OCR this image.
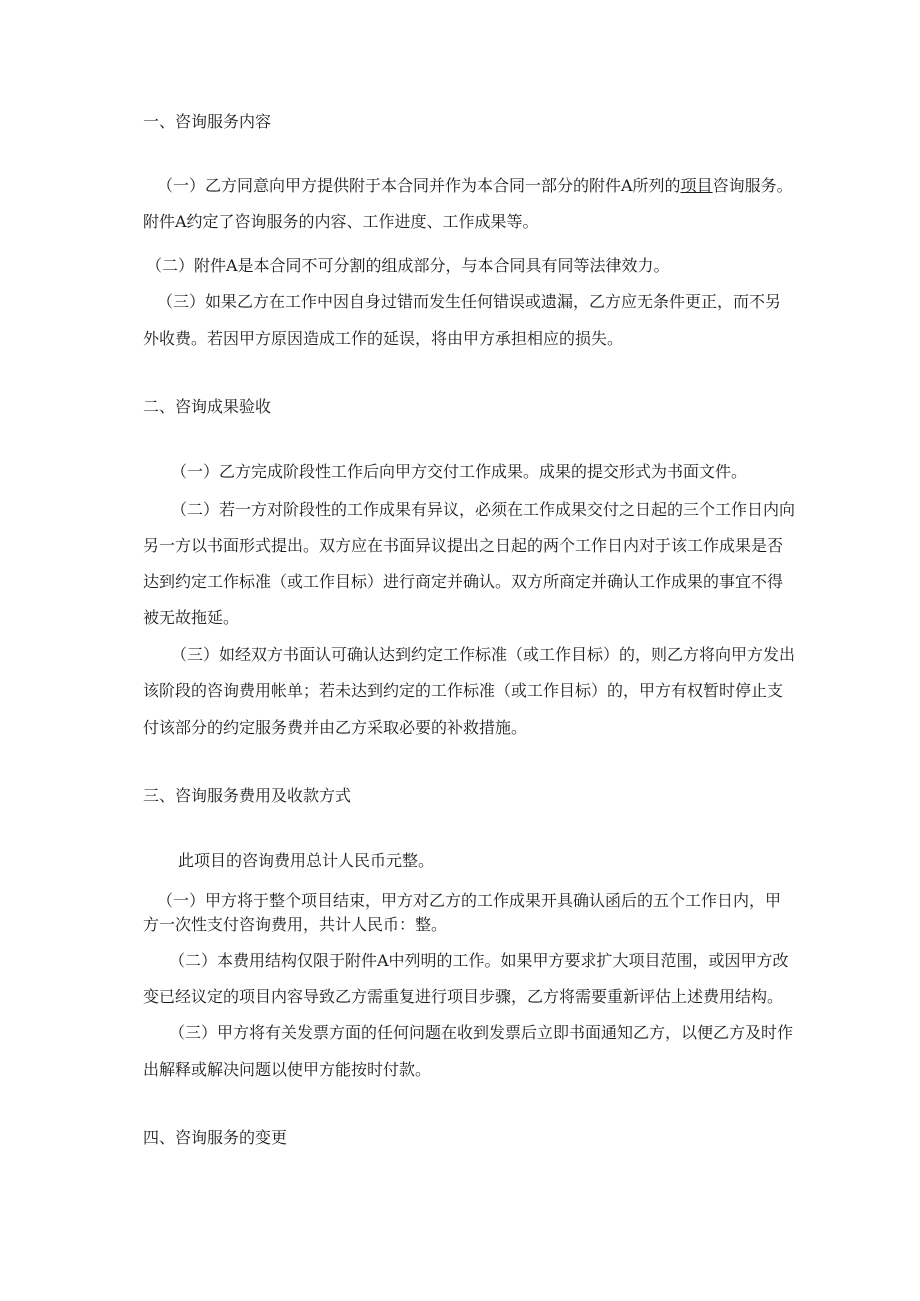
一、咨询服务内容
（一）乙方同意向甲方提供附于本合同并作为本合同一部分的附件A所列的项目咨询服务。
附件A约定了咨询服务的内容、工作进度、工作成果等。
（二）附件A是本合同不可分割的组成部分，与本合同具有同等法律效力。
（三）如果乙方在工作中因自身过错而发生任何错误或遗漏，乙方应无条件更正，而不另
外收费。若因甲方原因造成工作的延误，将由甲方承担相应的损失。
二、咨询成果验收
（一）乙方完成阶段性工作后向甲方交付工作成果。成果的提交形式为书面文件。
（二）若一方对阶段性的工作成果有异议，必须在工作成果交付之日起的三个工作日内向
另一方以书面形式提出。双方应在书面异议提出之日起的两个工作日内对于该工作成果是否
达到约定工作标准（或工作目标）进行商定并确认。双方所商定并确认工作成果的事宜不得
被无故拖延。
（三）如经双方书面认可确认达到约定工作标准（或工作目标）的，则乙方将向甲方发出
该阶段的咨询费用帐单；若未达到约定的工作标准（或工作目标）的，甲方有权暂时停止支
付该部分的约定服务费并由乙方采取必要的补救措施。
三、咨询服务费用及收款方式
此项目的咨询费用总计人民币元整。
（一）甲方将于整个项目结束，甲方对乙方的工作成果开具确认函后的五个工作日内，甲
方一次性支付咨询费用，共计人民币：整。
（二）本费用结构仅限于附件A中列明的工作。如果甲方要求扩大项目范围，或因甲方改
变已经议定的项目内容导致乙方需重复进行项目步骤，乙方将需要重新评估上述费用结构。
（三）甲方将有关发票方面的任何问题在收到发票后立即书面通知乙方，以便乙方及时作
出解释或解决问题以使甲方能按时付款。
四、咨询服务的变更
